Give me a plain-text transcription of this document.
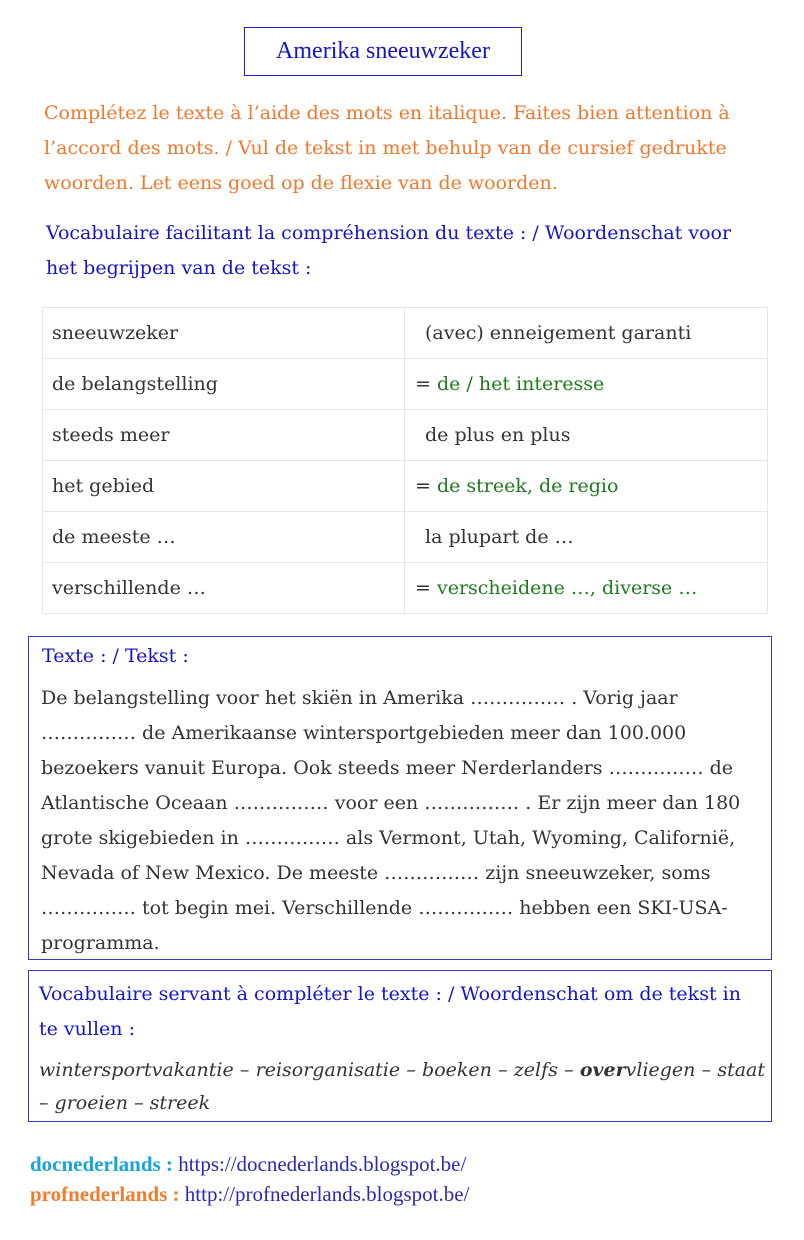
Amerika sneeuwzeker
Complétez le texte à l’aide des mots en italique. Faites bien attention à l’accord des mots. / Vul de tekst in met behulp van de cursief gedrukte woorden. Let eens goed op de flexie van de woorden.
Vocabulaire facilitant la compréhension du texte : / Woordenschat voor het begrijpen van de tekst :
sneeuwzeker	(avec) enneigement garanti
de belangstelling	= de / het interesse
steeds meer	de plus en plus
het gebied	= de streek, de regio
de meeste …	la plupart de …
verschillende …	= verscheidene …, diverse …
Texte : / Tekst :
De belangstelling voor het skiën in Amerika …………… . Vorig jaar …………… de Amerikaanse wintersportgebieden meer dan 100.000 bezoekers vanuit Europa. Ook steeds meer Nerderlanders …………… de Atlantische Oceaan …………… voor een …………… . Er zijn meer dan 180 grote skigebieden in …………… als Vermont, Utah, Wyoming, Californië, Nevada of New Mexico. De meeste …………… zijn sneeuwzeker, soms …………… tot begin mei. Verschillende …………… hebben een SKI-USA-programma.
Vocabulaire servant à compléter le texte : / Woordenschat om de tekst in te vullen :
wintersportvakantie – reisorganisatie – boeken – zelfs – overvliegen – staat – groeien – streek
docnederlands : https://docnederlands.blogspot.be/
profnederlands : http://profnederlands.blogspot.be/
